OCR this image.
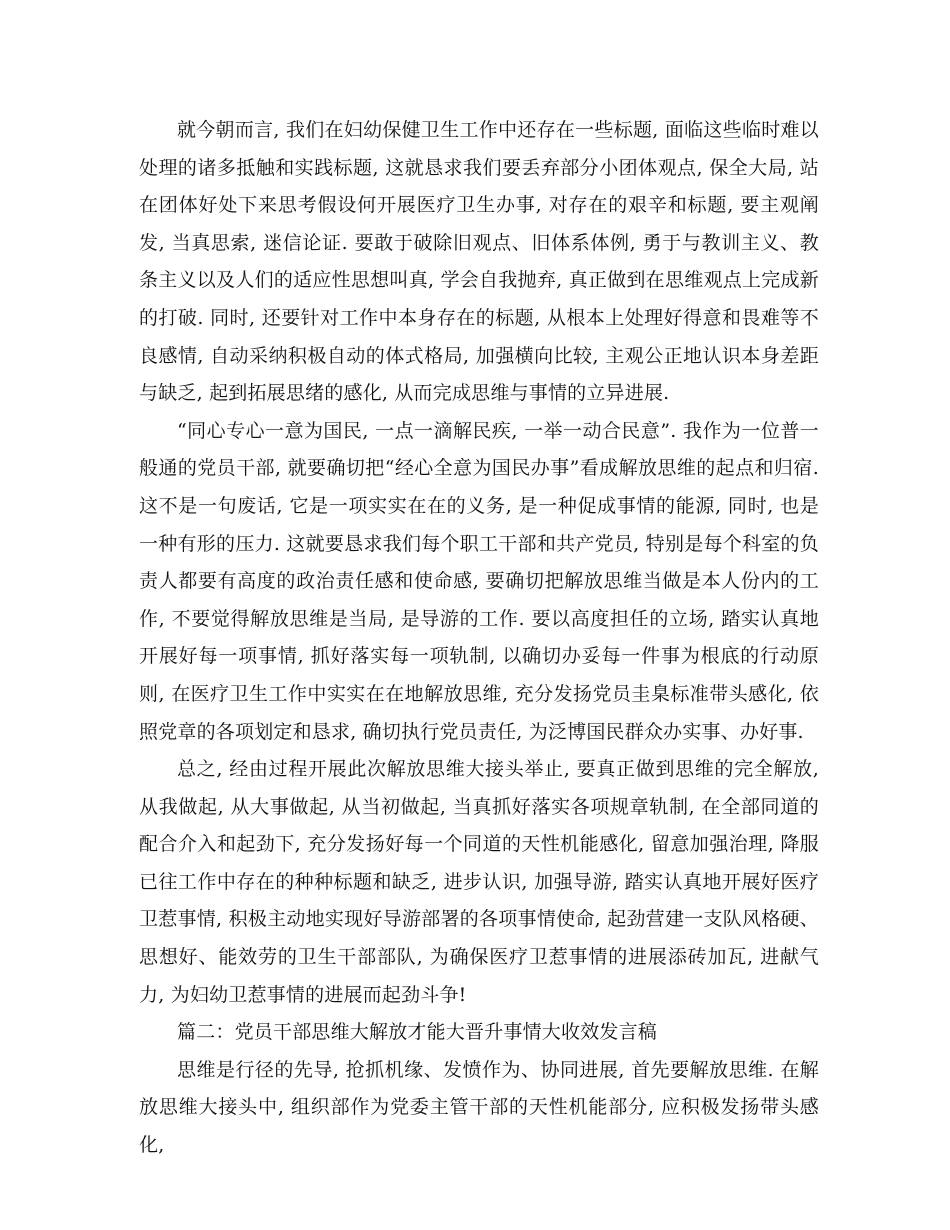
就今朝而言, 我们在妇幼保健卫生工作中还存在一些标题, 面临这些临时难以处理的诸多抵触和实践标题, 这就恳求我们要丢弃部分小团体观点, 保全大局, 站在团体好处下来思考假设何开展医疗卫生办事, 对存在的艰辛和标题, 要主观阐发, 当真思索, 迷信论证. 要敢于破除旧观点、旧体系体例, 勇于与教训主义、教条主义以及人们的适应性思想叫真, 学会自我抛弃, 真正做到在思维观点上完成新的打破. 同时, 还要针对工作中本身存在的标题, 从根本上处理好得意和畏难等不良感情, 自动采纳积极自动的体式格局, 加强横向比较, 主观公正地认识本身差距与缺乏, 起到拓展思绪的感化, 从而完成思维与事情的立异进展.

“同心专心一意为国民, 一点一滴解民疾, 一举一动合民意”. 我作为一位普一般通的党员干部, 就要确切把“经心全意为国民办事”看成解放思维的起点和归宿. 这不是一句废话, 它是一项实实在在的义务, 是一种促成事情的能源, 同时, 也是一种有形的压力. 这就要恳求我们每个职工干部和共产党员, 特别是每个科室的负责人都要有高度的政治责任感和使命感, 要确切把解放思维当做是本人份内的工作, 不要觉得解放思维是当局, 是导游的工作. 要以高度担任的立场, 踏实认真地开展好每一项事情, 抓好落实每一项轨制, 以确切办妥每一件事为根底的行动原则, 在医疗卫生工作中实实在在地解放思维, 充分发扬党员圭臬标准带头感化, 依照党章的各项划定和恳求, 确切执行党员责任, 为泛博国民群众办实事、办好事.

总之, 经由过程开展此次解放思维大接头举止, 要真正做到思维的完全解放, 从我做起, 从大事做起, 从当初做起, 当真抓好落实各项规章轨制, 在全部同道的配合介入和起劲下, 充分发扬好每一个同道的天性机能感化, 留意加强治理, 降服已往工作中存在的种种标题和缺乏, 进步认识, 加强导游, 踏实认真地开展好医疗卫惹事情, 积极主动地实现好导游部署的各项事情使命, 起劲营建一支队风格硬、思想好、能效劳的卫生干部部队, 为确保医疗卫惹事情的进展添砖加瓦, 进献气力, 为妇幼卫惹事情的进展而起劲斗争!

篇二：党员干部思维大解放才能大晋升事情大收效发言稿

思维是行径的先导, 抢抓机缘、发愤作为、协同进展, 首先要解放思维. 在解放思维大接头中, 组织部作为党委主管干部的天性机能部分, 应积极发扬带头感化,
